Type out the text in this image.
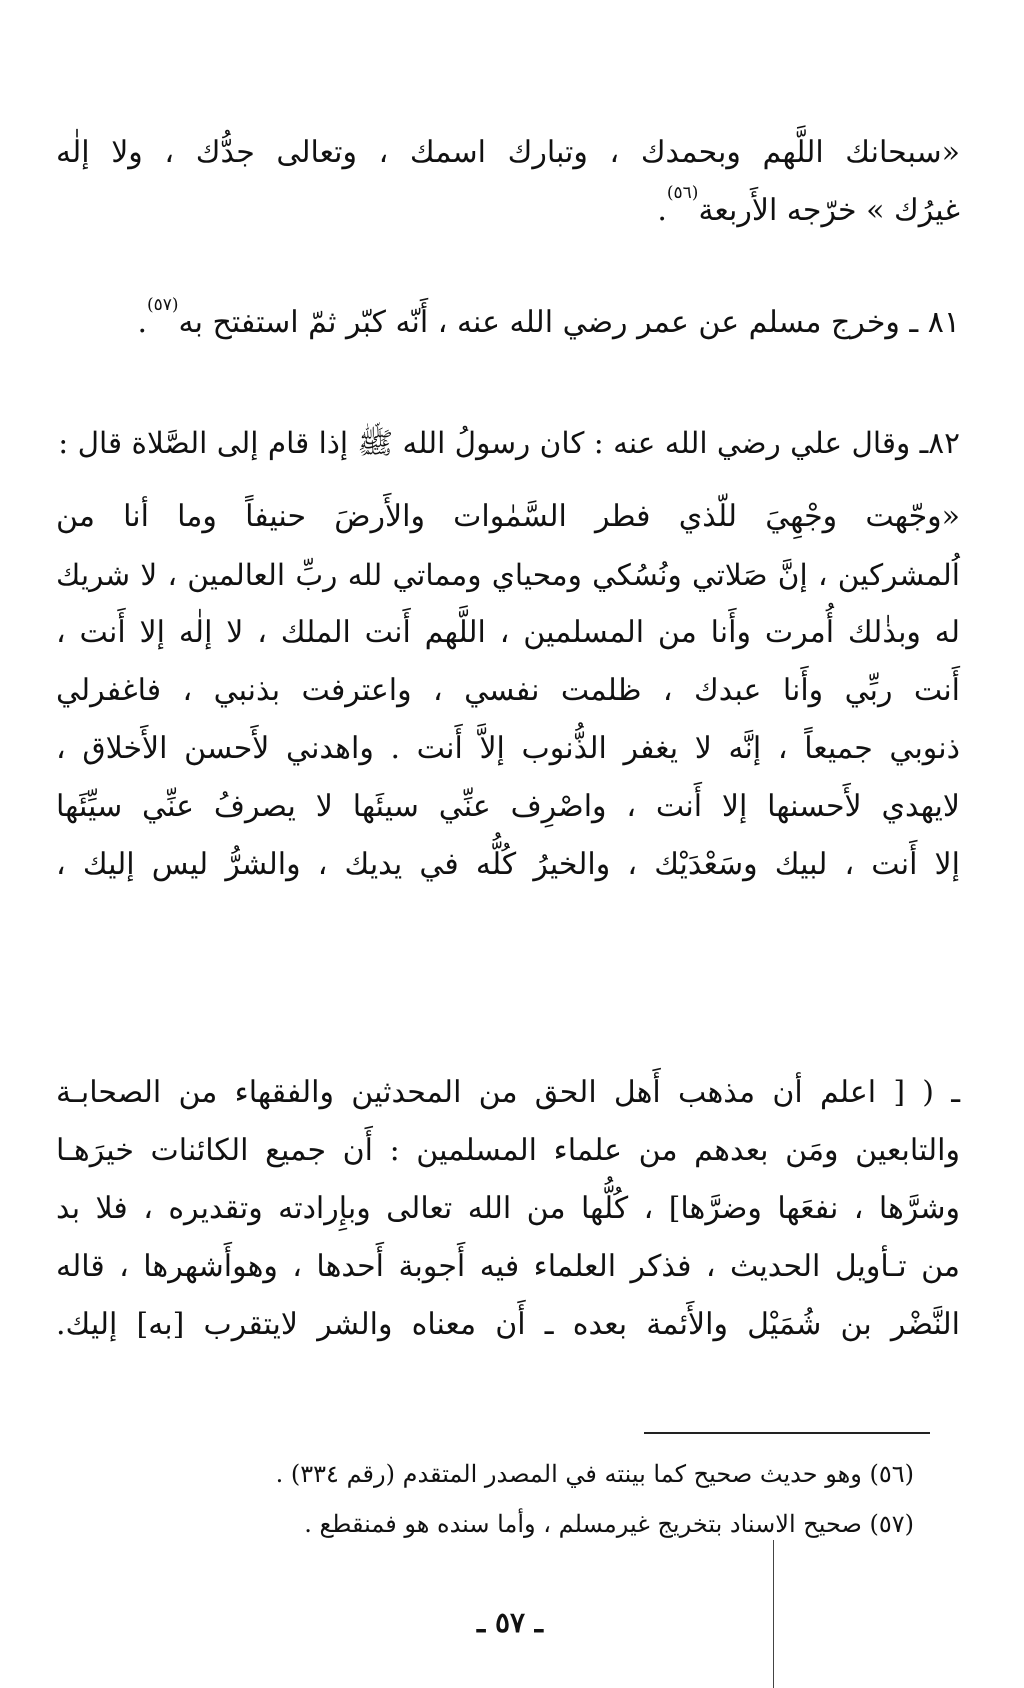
«سبحانك اللَّهم وبحمدك ، وتبارك اسمك ، وتعالى جدُّك ، ولا إلٰه
غيرُك » خرّجه الأَربعة$^{(٥٦)}$.
٨١ ـ وخرج مسلم عن عمر رضي الله عنه ، أَنّه كبّر ثمّ استفتح به$^{(٥٧)}$.
٨٢ـ وقال علي رضي الله عنه : كان رسولُ الله ﷺ إذا قام إلى الصَّلاة قال :
«وجّهت وجْهِيَ للّذي فطر السَّمٰوات والأَرضَ حنيفاً وما أنا من
اُلمشركين ، إنَّ صَلاتي ونُسُكي ومحياي ومماتي لله ربِّ العالمين ، لا شريك
له وبذٰلك أُمرت وأَنا من المسلمين ، اللَّهم أَنت الملك ، لا إلٰه إلا أَنت ،
أَنت ربِّي وأَنا عبدك ، ظلمت نفسي ، واعترفت بذنبي ، فاغفرلي
ذنوبي جميعاً ، إنَّه لا يغفر الذُّنوب إلاَّ أَنت . واهدني لأَحسن الأَخلاق ،
لايهدي لأَحسنها إلا أَنت ، واصْرِف عنِّي سيئَها لا يصرفُ عنِّي سيِّئَها
إلا أَنت ، لبيك وسَعْدَيْك ، والخيرُ كُلُّه في يديك ، والشرُّ ليس إليك ،
ـ ( [ اعلم أن مذهب أَهل الحق من المحدثين والفقهاء من الصحابـة
والتابعين ومَن بعدهم من علماء المسلمين : أَن جميع الكائنات خيرَهـا
وشرَّها ، نفعَها وضرَّها] ، كُلُّها من الله تعالى وبإِرادته وتقديره ، فلا بد
من تـأويل الحديث ، فذكر العلماء فيه أَجوبة أَحدها ، وهوأَشهرها ، قاله
النَّضْر بن شُمَيْل والأَئمة بعده ـ أَن معناه والشر لايتقرب [به] إليك.
(٥٦) وهو حديث صحيح كما بينته في المصدر المتقدم (رقم ٣٣٤) .
(٥٧) صحيح الاسناد بتخريج غيرمسلم ، وأما سنده هو فمنقطع .
ـ ٥٧ ـ
